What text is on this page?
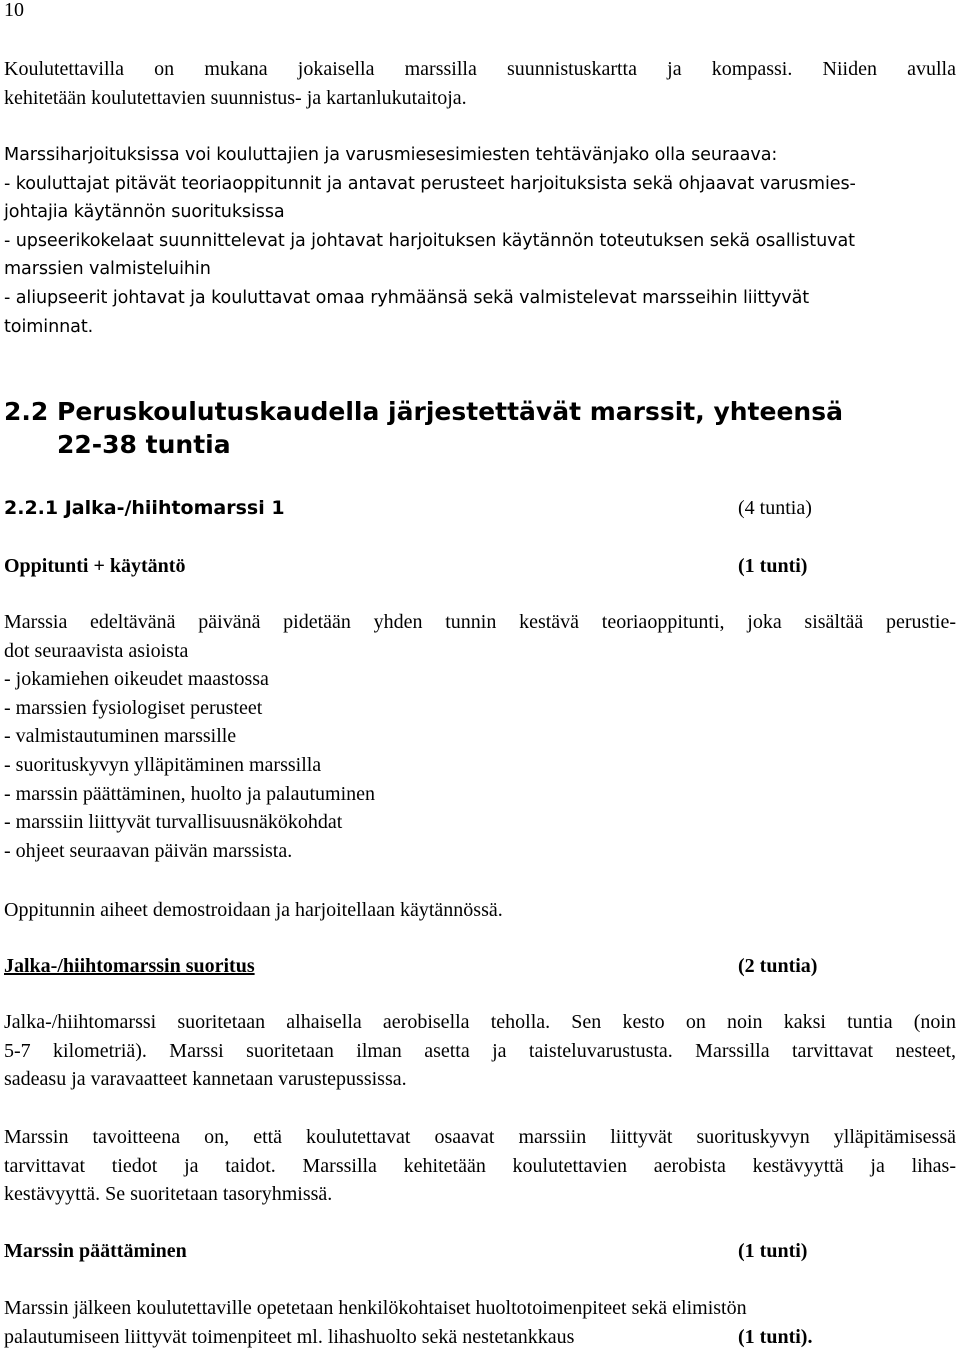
10
Koulutettavilla on mukana jokaisella marssilla suunnistuskartta ja kompassi. Niiden avulla
kehitetään koulutettavien suunnistus- ja kartanlukutaitoja.
Marssiharjoituksissa voi kouluttajien ja varusmiesesimiesten tehtävänjako olla seuraava:
- kouluttajat pitävät teoriaoppitunnit ja antavat perusteet harjoituksista sekä ohjaavat varusmies-
johtajia käytännön suorituksissa
- upseerikokelaat suunnittelevat ja johtavat harjoituksen käytännön toteutuksen sekä osallistuvat
marssien valmisteluihin
- aliupseerit johtavat ja kouluttavat omaa ryhmäänsä sekä valmistelevat marsseihin liittyvät
toiminnat.
2.2 Peruskoulutuskaudella järjestettävät marssit, yhteensä
22-38 tuntia
2.2.1 Jalka-/hiihtomarssi 1	(4 tuntia)
Oppitunti + käytäntö	(1 tunti)
Marssia edeltävänä päivänä pidetään yhden tunnin kestävä teoriaoppitunti, joka sisältää perustie-
dot seuraavista asioista
- jokamiehen oikeudet maastossa
- marssien fysiologiset perusteet
- valmistautuminen marssille
- suorituskyvyn ylläpitäminen marssilla
- marssin päättäminen, huolto ja palautuminen
- marssiin liittyvät turvallisuusnäkökohdat
- ohjeet seuraavan päivän marssista.
Oppitunnin aiheet demostroidaan ja harjoitellaan käytännössä.
Jalka-/hiihtomarssin suoritus	(2 tuntia)
Jalka-/hiihtomarssi suoritetaan alhaisella aerobisella teholla. Sen kesto on noin kaksi tuntia (noin
5-7 kilometriä). Marssi suoritetaan ilman asetta ja taisteluvarustusta. Marssilla tarvittavat nesteet,
sadeasu ja varavaatteet kannetaan varustepussissa.
Marssin tavoitteena on, että koulutettavat osaavat marssiin liittyvät suorituskyvyn ylläpitämisessä
tarvittavat tiedot ja taidot. Marssilla kehitetään koulutettavien aerobista kestävyyttä ja lihas-
kestävyyttä. Se suoritetaan tasoryhmissä.
Marssin päättäminen	(1 tunti)
Marssin jälkeen koulutettaville opetetaan henkilökohtaiset huoltotoimenpiteet sekä elimistön
palautumiseen liittyvät toimenpiteet ml. lihashuolto sekä nestetankkaus	(1 tunti).
